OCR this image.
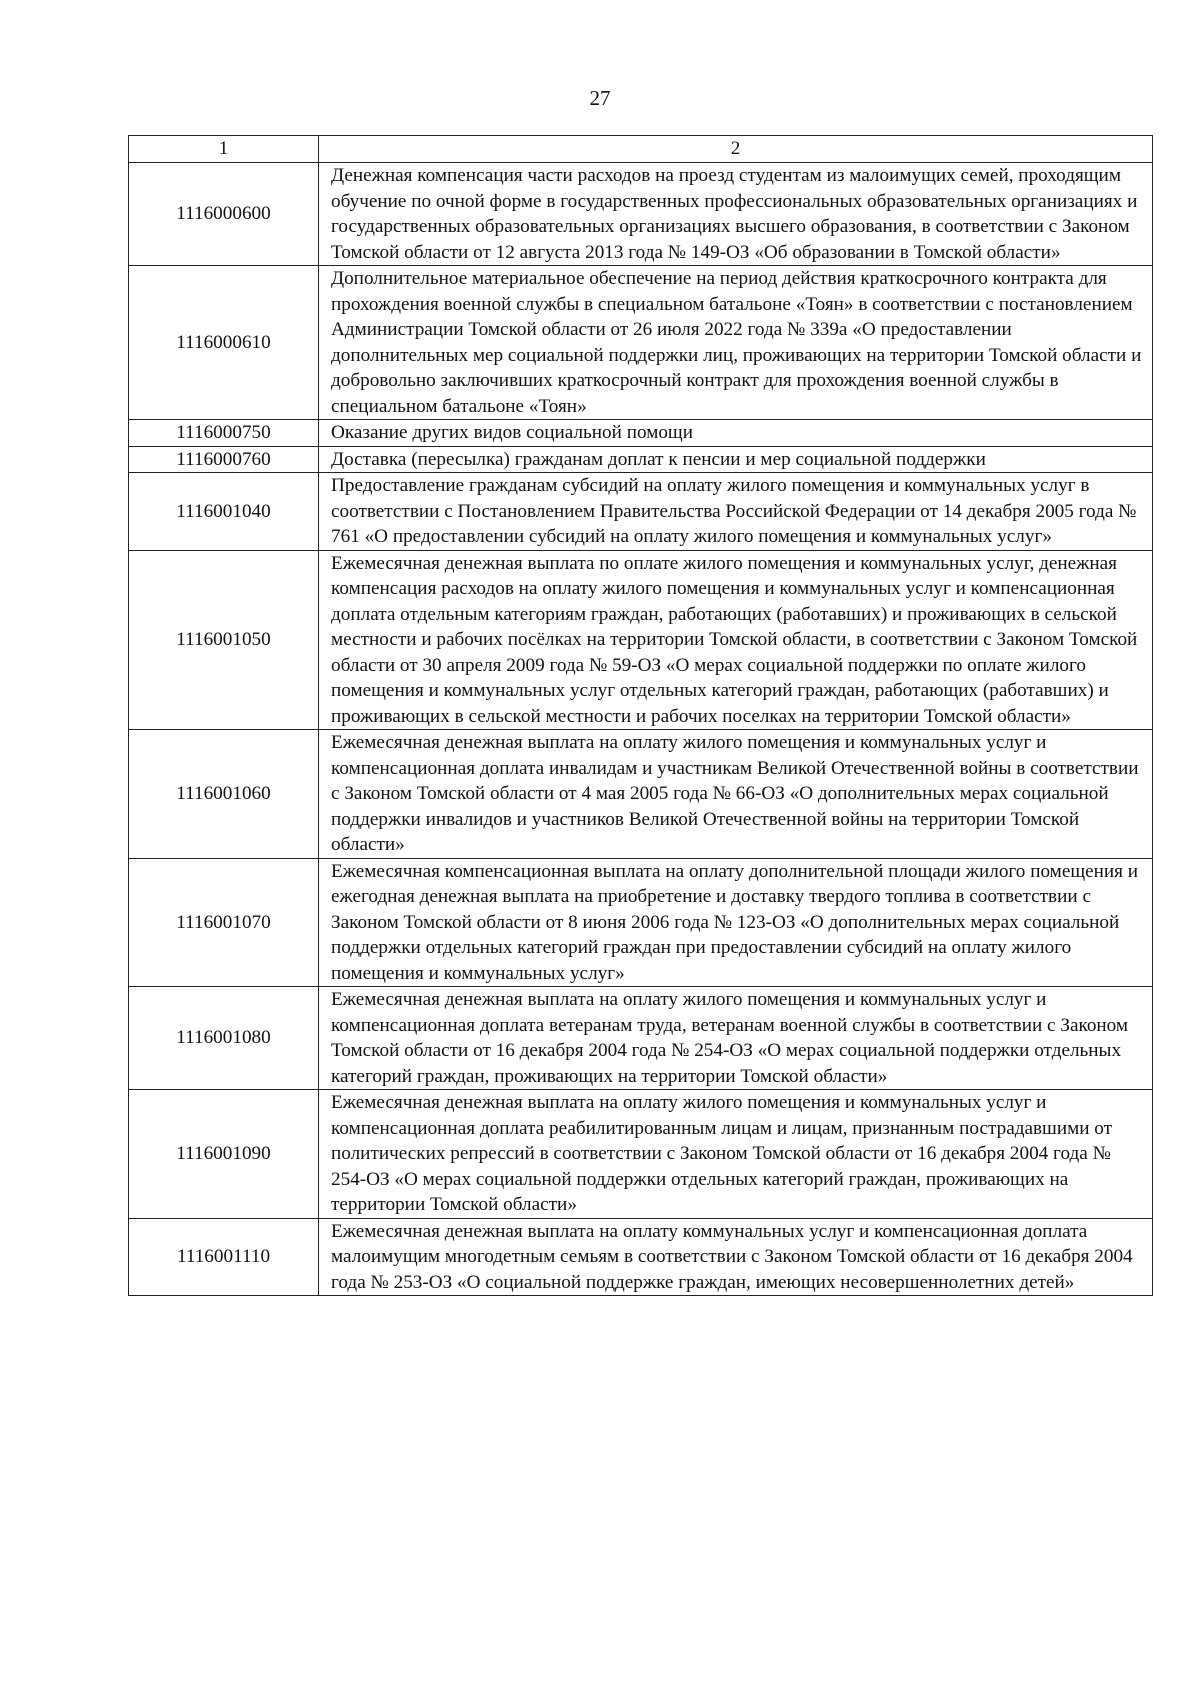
27
1	2
1116000600	Денежная компенсация части расходов на проезд студентам из малоимущих семей, проходящим обучение по очной форме в государственных профессиональных образовательных организациях и государственных образовательных организациях высшего образования, в соответствии с Законом Томской области от 12 августа 2013 года № 149-ОЗ «Об образовании в Томской области»
1116000610	Дополнительное материальное обеспечение на период действия краткосрочного контракта для прохождения военной службы в специальном батальоне «Тоян» в соответствии с постановлением Администрации Томской области от 26 июля 2022 года № 339а «О предоставлении дополнительных мер социальной поддержки лиц, проживающих на территории Томской области и добровольно заключивших краткосрочный контракт для прохождения военной службы в специальном батальоне «Тоян»
1116000750	Оказание других видов социальной помощи
1116000760	Доставка (пересылка) гражданам доплат к пенсии и мер социальной поддержки
1116001040	Предоставление гражданам субсидий на оплату жилого помещения и коммунальных услуг в соответствии с Постановлением Правительства Российской Федерации от 14 декабря 2005 года № 761 «О предоставлении субсидий на оплату жилого помещения и коммунальных услуг»
1116001050	Ежемесячная денежная выплата по оплате жилого помещения и коммунальных услуг, денежная компенсация расходов на оплату жилого помещения и коммунальных услуг и компенсационная доплата отдельным категориям граждан, работающих (работавших) и проживающих в сельской местности и рабочих посёлках на территории Томской области, в соответствии с Законом Томской области от 30 апреля 2009 года № 59-ОЗ «О мерах социальной поддержки по оплате жилого помещения и коммунальных услуг отдельных категорий граждан, работающих (работавших) и проживающих в сельской местности и рабочих поселках на территории Томской области»
1116001060	Ежемесячная денежная выплата на оплату жилого помещения и коммунальных услуг и компенсационная доплата инвалидам и участникам Великой Отечественной войны в соответствии с Законом Томской области от 4 мая 2005 года № 66-ОЗ «О дополнительных мерах социальной поддержки инвалидов и участников Великой Отечественной войны на территории Томской области»
1116001070	Ежемесячная компенсационная выплата на оплату дополнительной площади жилого помещения и ежегодная денежная выплата на приобретение и доставку твердого топлива в соответствии с Законом Томской области от 8 июня 2006 года № 123-ОЗ «О дополнительных мерах социальной поддержки отдельных категорий граждан при предоставлении субсидий на оплату жилого помещения и коммунальных услуг»
1116001080	Ежемесячная денежная выплата на оплату жилого помещения и коммунальных услуг и компенсационная доплата ветеранам труда, ветеранам военной службы в соответствии с Законом Томской области от 16 декабря 2004 года № 254-ОЗ «О мерах социальной поддержки отдельных категорий граждан, проживающих на территории Томской области»
1116001090	Ежемесячная денежная выплата на оплату жилого помещения и коммунальных услуг и компенсационная доплата реабилитированным лицам и лицам, признанным пострадавшими от политических репрессий в соответствии с Законом Томской области от 16 декабря 2004 года № 254-ОЗ «О мерах социальной поддержки отдельных категорий граждан, проживающих на территории Томской области»
1116001110	Ежемесячная денежная выплата на оплату коммунальных услуг и компенсационная доплата малоимущим многодетным семьям в соответствии с Законом Томской области от 16 декабря 2004 года № 253-ОЗ «О социальной поддержке граждан, имеющих несовершеннолетних детей»
